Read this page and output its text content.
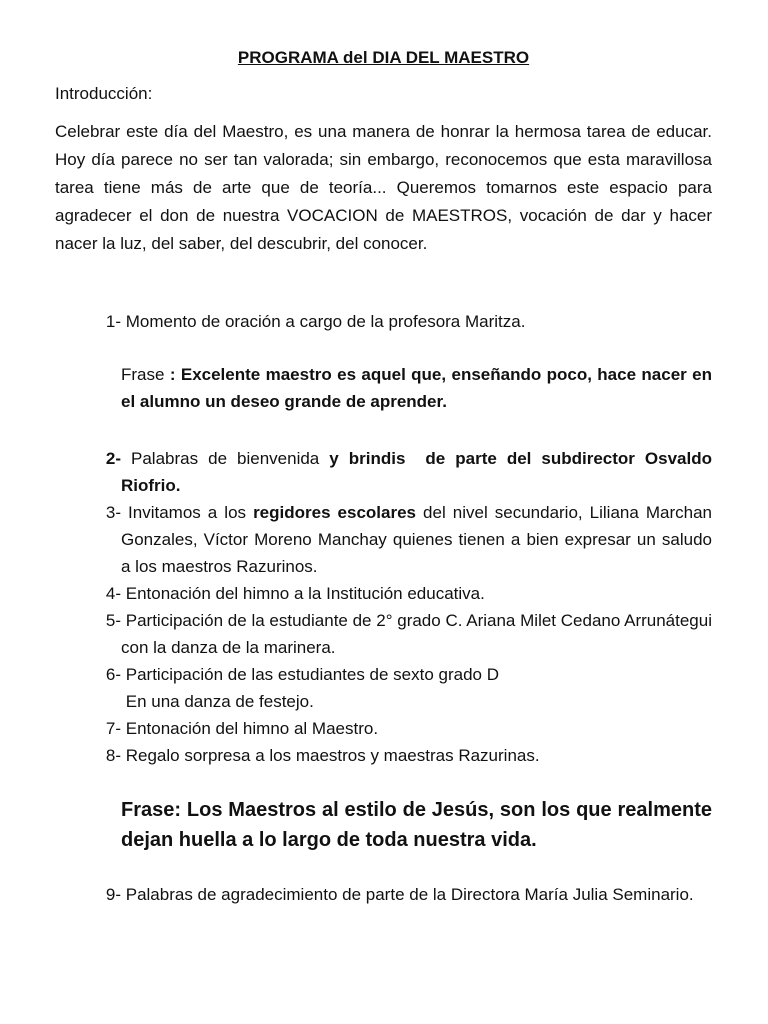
PROGRAMA del DIA DEL MAESTRO
Introducción:

Celebrar este día del Maestro, es una manera de honrar la hermosa tarea de educar. Hoy día parece no ser tan valorada; sin embargo, reconocemos que esta maravillosa tarea tiene más de arte que de teoría... Queremos tomarnos este espacio para agradecer el don de nuestra VOCACION de MAESTROS, vocación de dar y hacer nacer la luz, del saber, del descubrir, del conocer.

1- Momento de oración a cargo de la profesora Maritza.
Frase : Excelente maestro es aquel que, enseñando poco, hace nacer en el alumno un deseo grande de aprender.
2- Palabras de bienvenida y brindis  de parte del subdirector Osvaldo Riofrio.
3- Invitamos a los regidores escolares del nivel secundario, Liliana Marchan Gonzales, Víctor Moreno Manchay quienes tienen a bien expresar un saludo a los maestros Razurinos.
4- Entonación del himno a la Institución educativa.
5- Participación de la estudiante de 2° grado C. Ariana Milet Cedano Arrunátegui con la danza de la marinera.
6- Participación de las estudiantes de sexto grado D
En una danza de festejo.
7- Entonación del himno al Maestro.
8- Regalo sorpresa a los maestros y maestras Razurinas.
Frase: Los Maestros al estilo de Jesús, son los que realmente dejan huella a lo largo de toda nuestra vida.
9- Palabras de agradecimiento de parte de la Directora María Julia Seminario.
